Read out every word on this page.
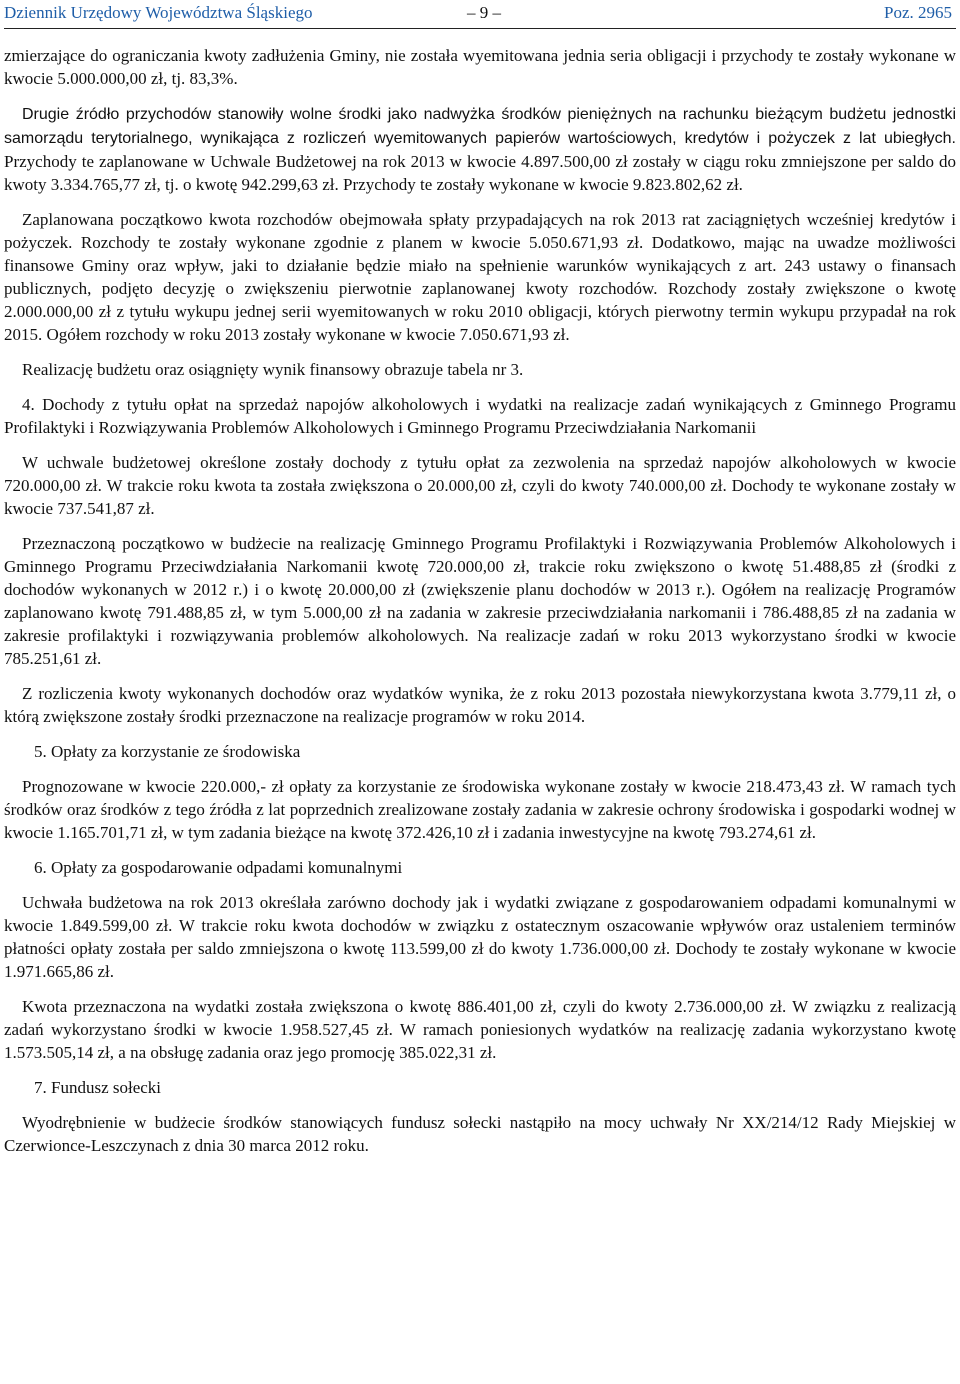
Dziennik Urzędowy Województwa Śląskiego	– 9 –	Poz. 2965

zmierzające do ograniczania kwoty zadłużenia Gminy, nie została wyemitowana jednia seria obligacji i przychody te zostały wykonane w kwocie 5.000.000,00 zł, tj. 83,3%.

Drugie źródło przychodów stanowiły wolne środki jako nadwyżka środków pieniężnych na rachunku bieżącym budżetu jednostki samorządu terytorialnego, wynikająca z rozliczeń wyemitowanych papierów wartościowych, kredytów i pożyczek z lat ubiegłych. Przychody te zaplanowane w Uchwale Budżetowej na rok 2013 w kwocie 4.897.500,00 zł zostały w ciągu roku zmniejszone per saldo do kwoty 3.334.765,77 zł, tj. o kwotę 942.299,63 zł. Przychody te zostały wykonane w kwocie 9.823.802,62 zł.

Zaplanowana początkowo kwota rozchodów obejmowała spłaty przypadających na rok 2013 rat zaciągniętych wcześniej kredytów i pożyczek. Rozchody te zostały wykonane zgodnie z planem w kwocie 5.050.671,93 zł. Dodatkowo, mając na uwadze możliwości finansowe Gminy oraz wpływ, jaki to działanie będzie miało na spełnienie warunków wynikających z art. 243 ustawy o finansach publicznych, podjęto decyzję o zwiększeniu pierwotnie zaplanowanej kwoty rozchodów. Rozchody zostały zwiększone o kwotę 2.000.000,00 zł z tytułu wykupu jednej serii wyemitowanych w roku 2010 obligacji, których pierwotny termin wykupu przypadał na rok 2015. Ogółem rozchody w roku 2013 zostały wykonane w kwocie 7.050.671,93 zł.

Realizację budżetu oraz osiągnięty wynik finansowy obrazuje tabela nr 3.

4. Dochody z tytułu opłat na sprzedaż napojów alkoholowych i wydatki na realizacje zadań wynikających z Gminnego Programu Profilaktyki i Rozwiązywania Problemów Alkoholowych i Gminnego Programu Przeciwdziałania Narkomanii

W uchwale budżetowej określone zostały dochody z tytułu opłat za zezwolenia na sprzedaż napojów alkoholowych w kwocie 720.000,00 zł. W trakcie roku kwota ta została zwiększona o 20.000,00 zł, czyli do kwoty 740.000,00 zł. Dochody te wykonane zostały w kwocie 737.541,87 zł.

Przeznaczoną początkowo w budżecie na realizację Gminnego Programu Profilaktyki i Rozwiązywania Problemów Alkoholowych i Gminnego Programu Przeciwdziałania Narkomanii kwotę 720.000,00 zł, trakcie roku zwiększono o kwotę 51.488,85 zł (środki z dochodów wykonanych w 2012 r.) i o kwotę 20.000,00 zł (zwiększenie planu dochodów w 2013 r.). Ogółem na realizację Programów zaplanowano kwotę 791.488,85 zł, w tym 5.000,00 zł na zadania w zakresie przeciwdziałania narkomanii i 786.488,85 zł na zadania w zakresie profilaktyki i rozwiązywania problemów alkoholowych. Na realizacje zadań w roku 2013 wykorzystano środki w kwocie 785.251,61 zł.

Z rozliczenia kwoty wykonanych dochodów oraz wydatków wynika, że z roku 2013 pozostała niewykorzystana kwota 3.779,11 zł, o którą zwiększone zostały środki przeznaczone na realizacje programów w roku 2014.

5. Opłaty za korzystanie ze środowiska

Prognozowane w kwocie 220.000,- zł opłaty za korzystanie ze środowiska wykonane zostały w kwocie 218.473,43 zł. W ramach tych środków oraz środków z tego źródła z lat poprzednich zrealizowane zostały zadania w zakresie ochrony środowiska i gospodarki wodnej w kwocie 1.165.701,71 zł, w tym zadania bieżące na kwotę 372.426,10 zł i zadania inwestycyjne na kwotę 793.274,61 zł.

6. Opłaty za gospodarowanie odpadami komunalnymi

Uchwała budżetowa na rok 2013 określała zarówno dochody jak i wydatki związane z gospodarowaniem odpadami komunalnymi w kwocie 1.849.599,00 zł. W trakcie roku kwota dochodów w związku z ostatecznym oszacowanie wpływów oraz ustaleniem terminów płatności opłaty została per saldo zmniejszona o kwotę 113.599,00 zł do kwoty 1.736.000,00 zł. Dochody te zostały wykonane w kwocie 1.971.665,86 zł.

Kwota przeznaczona na wydatki została zwiększona o kwotę 886.401,00 zł, czyli do kwoty 2.736.000,00 zł. W związku z realizacją zadań wykorzystano środki w kwocie 1.958.527,45 zł. W ramach poniesionych wydatków na realizację zadania wykorzystano kwotę 1.573.505,14 zł, a na obsługę zadania oraz jego promocję 385.022,31 zł.

7. Fundusz sołecki

Wyodrębnienie w budżecie środków stanowiących fundusz sołecki nastąpiło na mocy uchwały Nr XX/214/12 Rady Miejskiej w Czerwionce-Leszczynach z dnia 30 marca 2012 roku.
